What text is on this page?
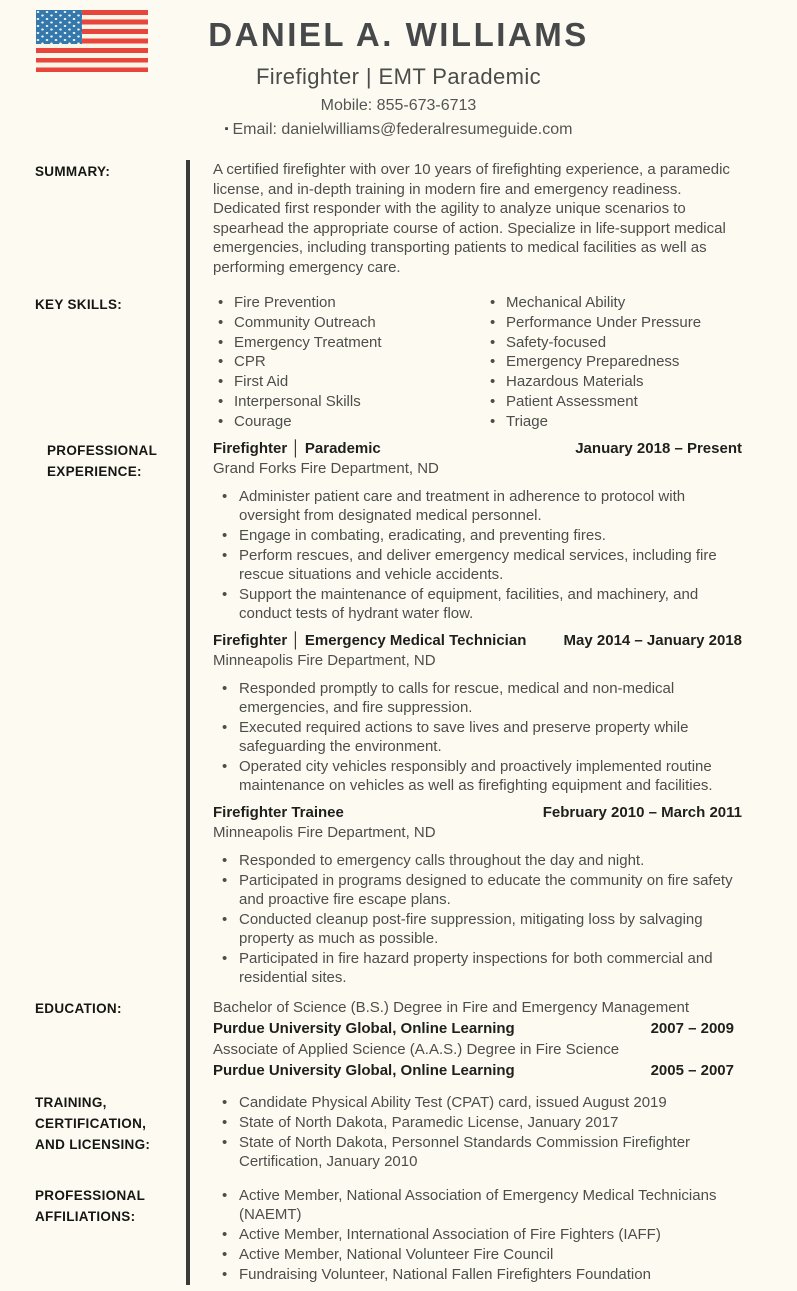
DANIEL A. WILLIAMS
Firefighter | EMT Parademic
Mobile: 855-673-6713
▪ Email: danielwilliams@federalresumeguide.com
SUMMARY:	A certified firefighter with over 10 years of firefighting experience, a paramedic license, and in-depth training in modern fire and emergency readiness. Dedicated first responder with the agility to analyze unique scenarios to spearhead the appropriate course of action. Specialize in life-support medical emergencies, including transporting patients to medical facilities as well as performing emergency care.

KEY SKILLS:	• Fire Prevention
• Community Outreach
• Emergency Treatment
• CPR
• First Aid
• Interpersonal Skills
• Courage
• Mechanical Ability
• Performance Under Pressure
• Safety-focused
• Emergency Preparedness
• Hazardous Materials
• Patient Assessment
• Triage
PROFESSIONAL EXPERIENCE:
Firefighter │ Parademic	January 2018 – Present
Grand Forks Fire Department, ND
• Administer patient care and treatment in adherence to protocol with oversight from designated medical personnel.
• Engage in combating, eradicating, and preventing fires.
• Perform rescues, and deliver emergency medical services, including fire rescue situations and vehicle accidents.
• Support the maintenance of equipment, facilities, and machinery, and conduct tests of hydrant water flow.
Firefighter │ Emergency Medical Technician	May 2014 – January 2018
Minneapolis Fire Department, ND
• Responded promptly to calls for rescue, medical and non-medical emergencies, and fire suppression.
• Executed required actions to save lives and preserve property while safeguarding the environment.
• Operated city vehicles responsibly and proactively implemented routine maintenance on vehicles as well as firefighting equipment and facilities.
Firefighter Trainee	February 2010 – March 2011
Minneapolis Fire Department, ND
• Responded to emergency calls throughout the day and night.
• Participated in programs designed to educate the community on fire safety and proactive fire escape plans.
• Conducted cleanup post-fire suppression, mitigating loss by salvaging property as much as possible.
• Participated in fire hazard property inspections for both commercial and residential sites.
EDUCATION:	Bachelor of Science (B.S.) Degree in Fire and Emergency Management
Purdue University Global, Online Learning	2007 – 2009
Associate of Applied Science (A.A.S.) Degree in Fire Science
Purdue University Global, Online Learning	2005 – 2007
TRAINING, CERTIFICATION, AND LICENSING:
• Candidate Physical Ability Test (CPAT) card, issued August 2019
• State of North Dakota, Paramedic License, January 2017
• State of North Dakota, Personnel Standards Commission Firefighter Certification, January 2010
PROFESSIONAL AFFILIATIONS:
• Active Member, National Association of Emergency Medical Technicians (NAEMT)
• Active Member, International Association of Fire Fighters (IAFF)
• Active Member, National Volunteer Fire Council
• Fundraising Volunteer, National Fallen Firefighters Foundation
